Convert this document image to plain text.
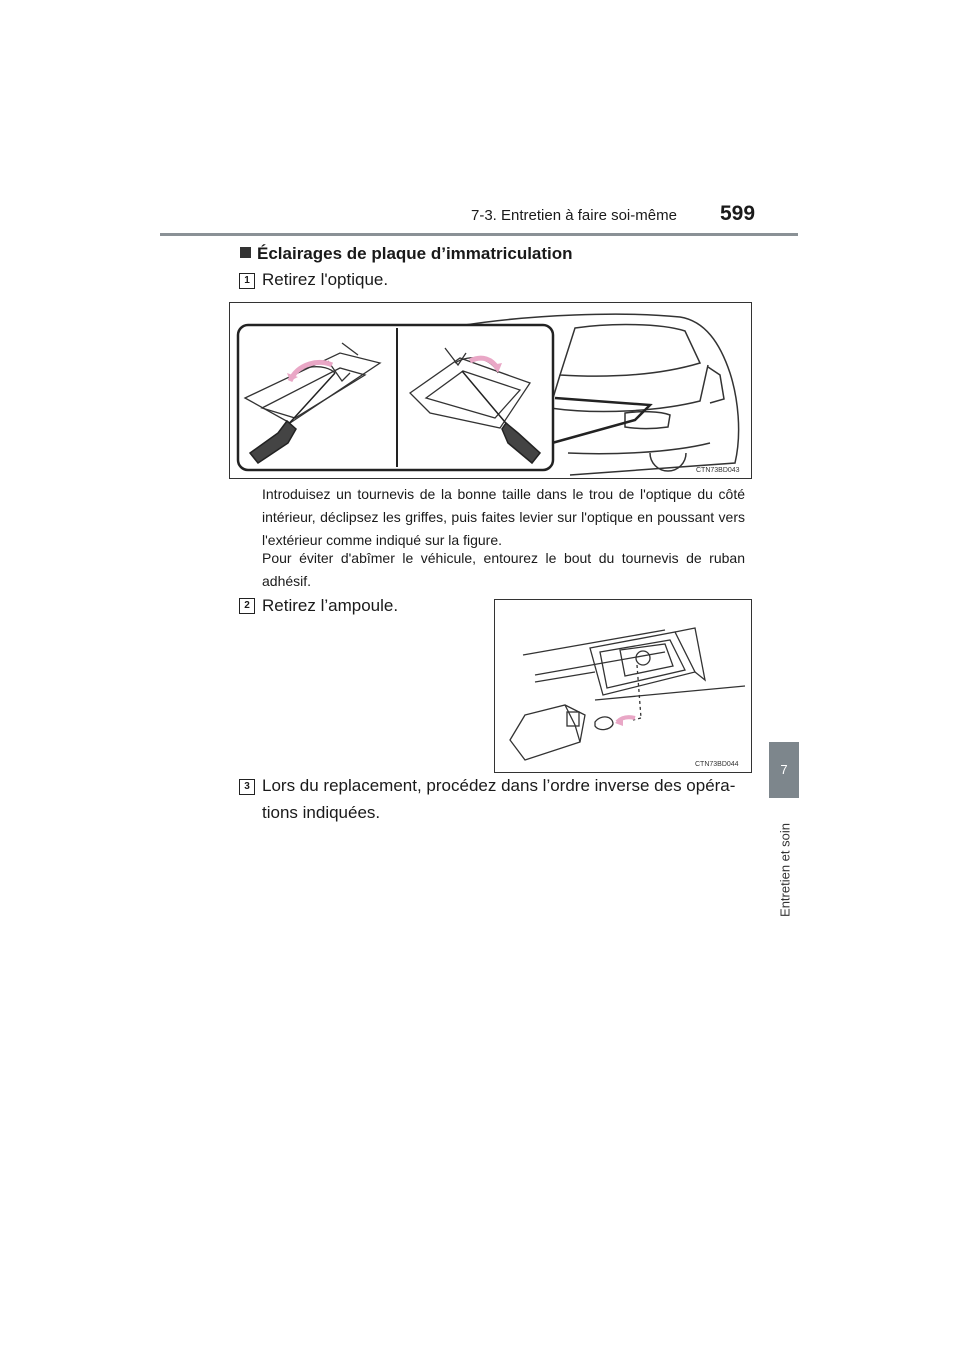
7-3. Entretien à faire soi-même 599
7
Entretien et soin
Éclairages de plaque d’immatriculation
1 Retirez l'optique.
CTN73BD043
Introduisez un tournevis de la bonne taille dans le trou de l'optique du côté intérieur, déclipsez les griffes, puis faites levier sur l'optique en poussant vers l'extérieur comme indiqué sur la figure.
Pour éviter d'abîmer le véhicule, entourez le bout du tournevis de ruban adhésif.
2 Retirez l’ampoule.
CTN73BD044
3 Lors du replacement, procédez dans l’ordre inverse des opéra-
tions indiquées.
